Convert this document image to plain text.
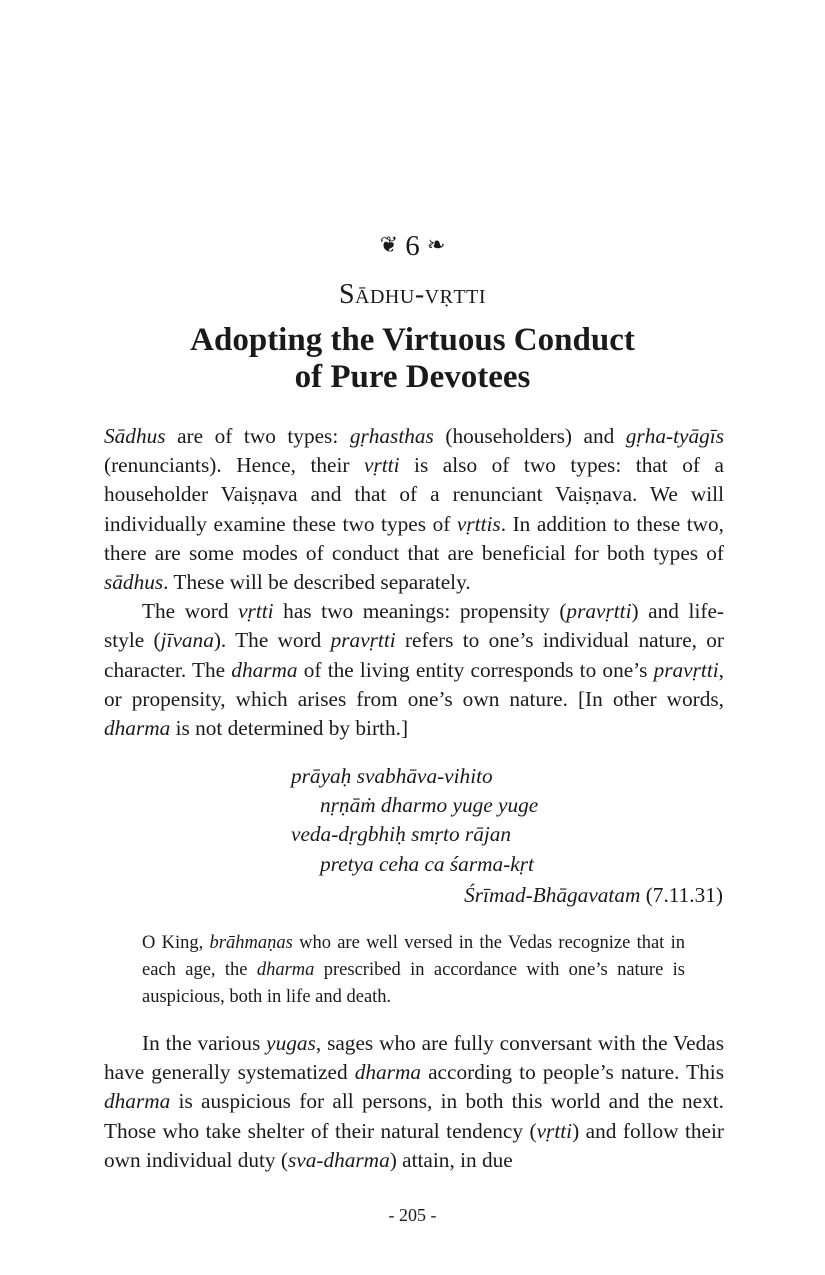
❦ 6 ❧
Sādhu-vṛtti
Adopting the Virtuous Conduct
of Pure Devotees

Sādhus are of two types: gṛhasthas (householders) and gṛha-tyāgīs (renunciants). Hence, their vṛtti is also of two types: that of a householder Vaiṣṇava and that of a renunciant Vaiṣṇava. We will individually examine these two types of vṛttis. In addition to these two, there are some modes of conduct that are beneficial for both types of sādhus. These will be described separately.

The word vṛtti has two meanings: propensity (pravṛtti) and life-style (jīvana). The word pravṛtti refers to one’s individual nature, or character. The dharma of the living entity corresponds to one’s pravṛtti, or propensity, which arises from one’s own nature. [In other words, dharma is not determined by birth.]

prāyaḥ svabhāva-vihito
nṛṇāṁ dharmo yuge yuge
veda-dṛgbhiḥ smṛto rājan
pretya ceha ca śarma-kṛt
Śrīmad-Bhāgavatam (7.11.31)
O King, brāhmaṇas who are well versed in the Vedas recognize that in each age, the dharma prescribed in accordance with one’s nature is auspicious, both in life and death.

In the various yugas, sages who are fully conversant with the Vedas have generally systematized dharma according to people’s nature. This dharma is auspicious for all persons, in both this world and the next. Those who take shelter of their natural tendency (vṛtti) and follow their own individual duty (sva-dharma) attain, in due

- 205 -
